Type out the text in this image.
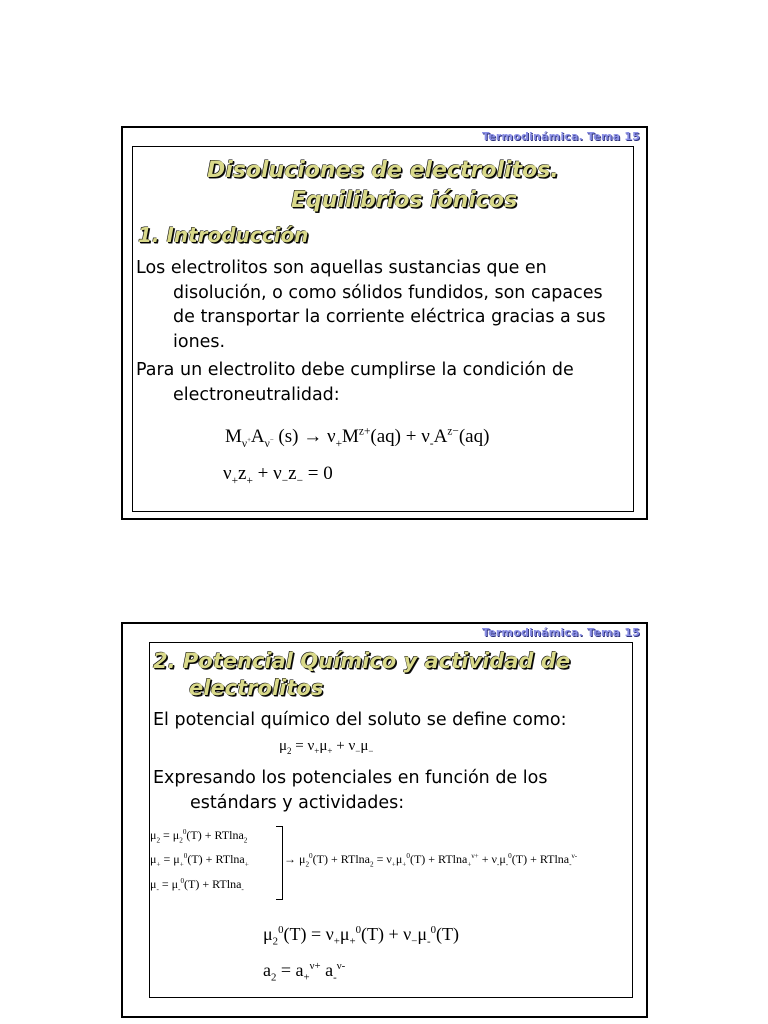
Termodinámica. Tema 15
Disoluciones de electrolitos.
Equilibrios iónicos
1. Introducción

Los electrolitos son aquellas sustancias que en disolución, o como sólidos fundidos, son capaces de transportar la corriente eléctrica gracias a sus iones.

Para un electrolito debe cumplirse la condición de electroneutralidad:

$M_{\nu^+}A_{\nu^-}$ $(s) \to \nu_+M^{z+}(aq) + \nu_-A^{z-}(aq)$
$\nu_+z_+ + \nu_-z_- = 0$
Termodinámica. Tema 15
2. Potencial Químico y actividad de
electrolitos
El potencial químico del soluto se define como:
$\mu_2 = \nu_+\mu_+ + \nu_-\mu_-$

Expresando los potenciales en función de los estándars y actividades:

$\mu_2 = \mu_2^0(T) + RTlna_2$
$\mu_+ = \mu_+^0(T) + RTlna_+$
$\mu_- = \mu_-^0(T) + RTlna_-$
→ $\mu_2^0(T) + RTlna_2 = \nu_+\mu_+^0(T) + RTlna_+^{\nu+} + \nu_-\mu_-^0(T) + RTlna_-^{\nu-}$
$\mu_2^0(T) = \nu_+\mu_+^0(T) + \nu_-\mu_-^0(T)$
$a_2 = a_+^{\nu+}$ $a_-^{\nu-}$
